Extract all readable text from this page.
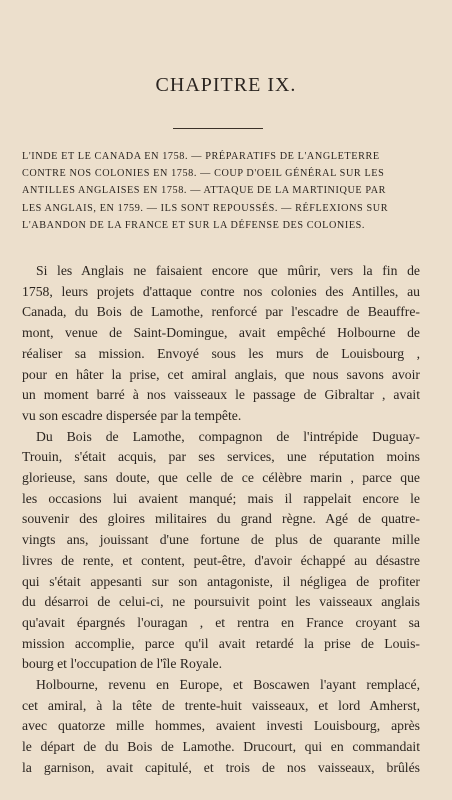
CHAPITRE IX.
L'INDE ET LE CANADA EN 1758. — PRÉPARATIFS DE L'ANGLETERRE
CONTRE NOS COLONIES EN 1758. — COUP D'OEIL GÉNÉRAL SUR LES
ANTILLES ANGLAISES EN 1758. — ATTAQUE DE LA MARTINIQUE PAR
LES ANGLAIS, EN 1759. — ILS SONT REPOUSSÉS. — RÉFLEXIONS SUR
L'ABANDON DE LA FRANCE ET SUR LA DÉFENSE DES COLONIES.
Si les Anglais ne faisaient encore que mûrir, vers la fin de
1758, leurs projets d'attaque contre nos colonies des Antilles, au
Canada, du Bois de Lamothe, renforcé par l'escadre de Beauffre-
mont, venue de Saint-Domingue, avait empêché Holbourne de
réaliser sa mission. Envoyé sous les murs de Louisbourg ,
pour en hâter la prise, cet amiral anglais, que nous savons avoir
un moment barré à nos vaisseaux le passage de Gibraltar , avait
vu son escadre dispersée par la tempête.
Du Bois de Lamothe, compagnon de l'intrépide Duguay-
Trouin, s'était acquis, par ses services, une réputation moins
glorieuse, sans doute, que celle de ce célèbre marin , parce que
les occasions lui avaient manqué; mais il rappelait encore le
souvenir des gloires militaires du grand règne. Agé de quatre-
vingts ans, jouissant d'une fortune de plus de quarante mille
livres de rente, et content, peut-être, d'avoir échappé au désastre
qui s'était appesanti sur son antagoniste, il négligea de profiter
du désarroi de celui-ci, ne poursuivit point les vaisseaux anglais
qu'avait épargnés l'ouragan , et rentra en France croyant sa
mission accomplie, parce qu'il avait retardé la prise de Louis-
bourg et l'occupation de l'île Royale.
Holbourne, revenu en Europe, et Boscawen l'ayant remplacé,
cet amiral, à la tête de trente-huit vaisseaux, et lord Amherst,
avec quatorze mille hommes, avaient investi Louisbourg, après
le départ de du Bois de Lamothe. Drucourt, qui en commandait
la garnison, avait capitulé, et trois de nos vaisseaux, brûlés
